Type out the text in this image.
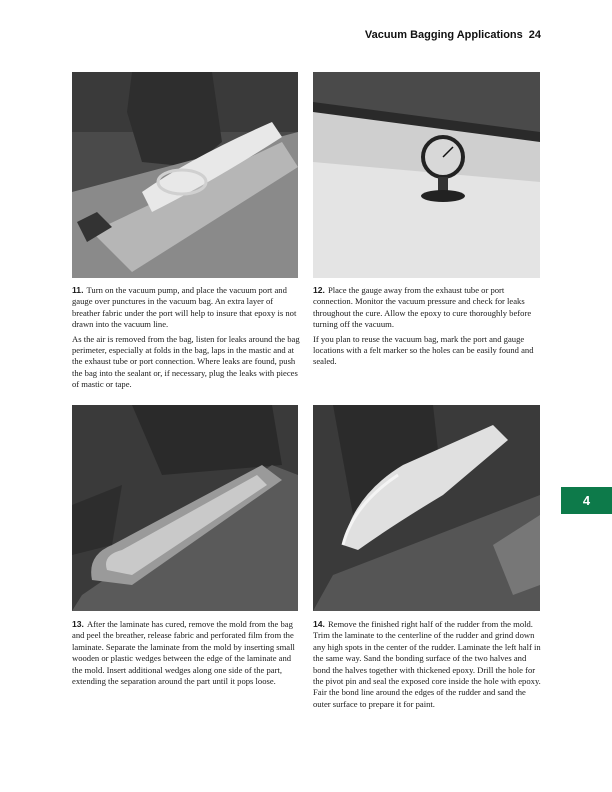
Vacuum Bagging Applications 24

11. Turn on the vacuum pump, and place the vacuum port and gauge over punctures in the vacuum bag. An extra layer of breather fabric under the port will help to insure that epoxy is not drawn into the vacuum line.

As the air is removed from the bag, listen for leaks around the bag perimeter, especially at folds in the bag, laps in the mastic and at the exhaust tube or port connection. Where leaks are found, push the bag into the sealant or, if necessary, plug the leaks with pieces of mastic or tape.

12. Place the gauge away from the exhaust tube or port connection. Monitor the vacuum pressure and check for leaks throughout the cure. Allow the epoxy to cure thoroughly before turning off the vacuum.

If you plan to reuse the vacuum bag, mark the port and gauge locations with a felt marker so the holes can be easily found and sealed.

13. After the laminate has cured, remove the mold from the bag and peel the breather, release fabric and perforated film from the laminate. Separate the laminate from the mold by inserting small wooden or plastic wedges between the edge of the laminate and the mold. Insert additional wedges along one side of the part, extending the separation around the part until it pops loose.

14. Remove the finished right half of the rudder from the mold. Trim the laminate to the centerline of the rudder and grind down any high spots in the center of the rudder. Laminate the left half in the same way. Sand the bonding surface of the two halves and bond the halves together with thickened epoxy. Drill the hole for the pivot pin and seal the exposed core inside the hole with epoxy. Fair the bond line around the edges of the rudder and sand the outer surface to prepare it for paint.

4
